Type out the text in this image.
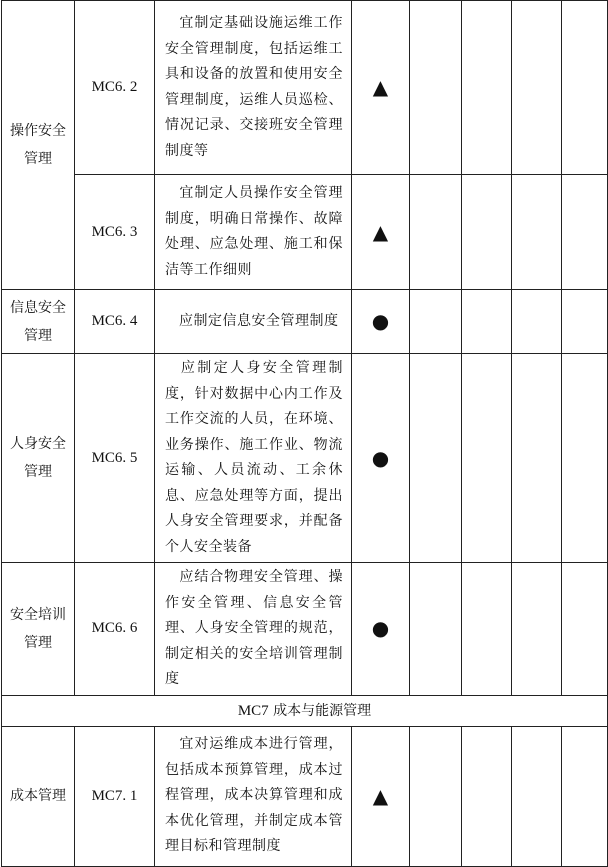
操作安全管理	MC6. 2	宜制定基础设施运维工作安全管理制度，包括运维工具和设备的放置和使用安全管理制度，运维人员巡检、情况记录、交接班安全管理制度等	▲				
	MC6. 3	宜制定人员操作安全管理制度，明确日常操作、故障处理、应急处理、施工和保洁等工作细则	▲				
信息安全管理	MC6. 4	应制定信息安全管理制度	●				
人身安全管理	MC6. 5	应制定人身安全管理制度，针对数据中心内工作及工作交流的人员，在环境、业务操作、施工作业、物流运输、人员流动、工余休息、应急处理等方面，提出人身安全管理要求，并配备个人安全装备	●				
安全培训管理	MC6. 6	应结合物理安全管理、操作安全管理、信息安全管理、人身安全管理的规范，制定相关的安全培训管理制度	●				
MC7 成本与能源管理							
成本管理	MC7. 1	宜对运维成本进行管理，包括成本预算管理，成本过程管理，成本决算管理和成本优化管理，并制定成本管理目标和管理制度	▲				
